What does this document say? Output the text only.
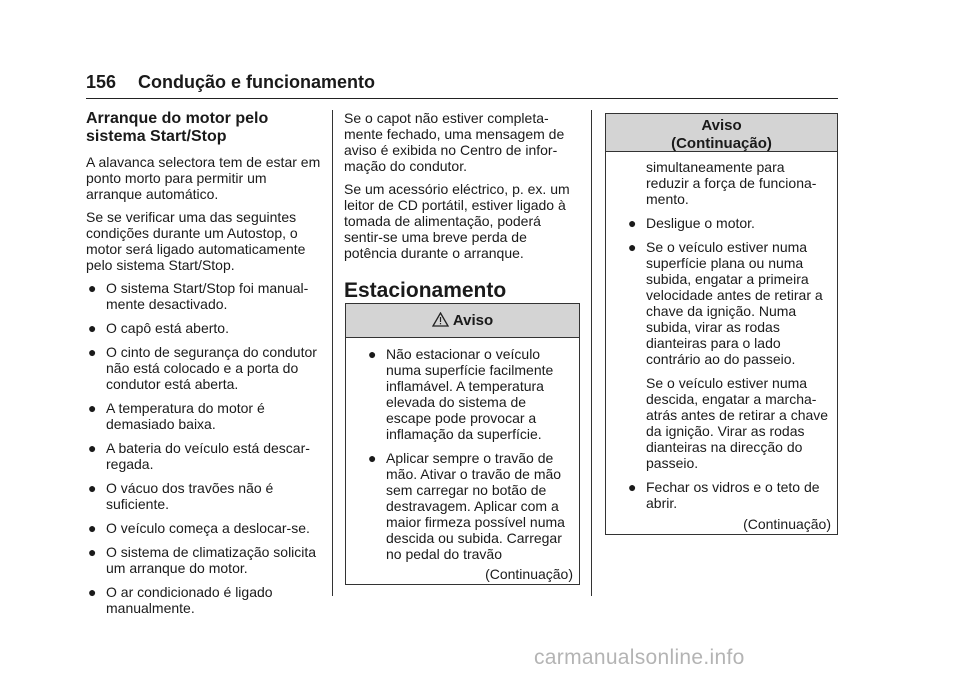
156 Condução e funcionamento
Arranque do motor pelo
sistema Start/Stop

A alavanca selectora tem de estar em ponto morto para permitir um arranque automático.

Se se verificar uma das seguintes condições durante um Autostop, o motor será ligado automaticamente pelo sistema Start/Stop.

● O sistema Start/Stop foi manual-mente desactivado.
● O capô está aberto.
● O cinto de segurança do condutor não está colocado e a porta do condutor está aberta.
● A temperatura do motor é demasiado baixa.
● A bateria do veículo está descar-regada.
● O vácuo dos travões não é suficiente.
● O veículo começa a deslocar-se.
● O sistema de climatização solicita um arranque do motor.
● O ar condicionado é ligado manualmente.

Se o capot não estiver completa-mente fechado, uma mensagem de aviso é exibida no Centro de infor-mação do condutor.

Se um acessório eléctrico, p. ex. um leitor de CD portátil, estiver ligado à tomada de alimentação, poderá sentir-se uma breve perda de potência durante o arranque.

Estacionamento
Aviso
● Não estacionar o veículo numa superfície facilmente inflamável. A temperatura elevada do sistema de escape pode provocar a inflamação da superfície.
● Aplicar sempre o travão de mão. Ativar o travão de mão sem carregar no botão de destravagem. Aplicar com a maior firmeza possível numa descida ou subida. Carregar no pedal do travão
(Continuação)
Aviso
(Continuação)

simultaneamente para reduzir a força de funciona-mento.

● Desligue o motor.
● Se o veículo estiver numa superfície plana ou numa subida, engatar a primeira velocidade antes de retirar a chave da ignição. Numa subida, virar as rodas dianteiras para o lado contrário ao do passeio.

Se o veículo estiver numa descida, engatar a marcha-atrás antes de retirar a chave da ignição. Virar as rodas dianteiras na direcção do passeio.

● Fechar os vidros e o teto de abrir.
(Continuação)
carmanualsonline.info
